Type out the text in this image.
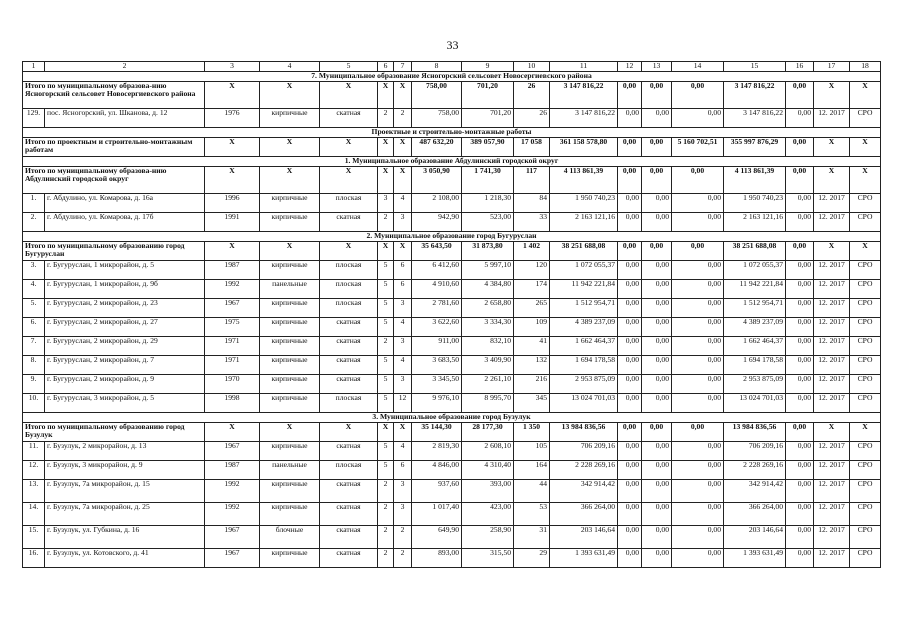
33
1	2	3	4	5	6	7	8	9	10	11	12	13	14	15	16	17	18
7. Муниципальное образование Ясногорский сельсовет Новосергиевского района																	
Итого по муниципальному образова-нию Ясногорский сельсовет Новосергиевского района		X	X	X	X	X	758,00	701,20	26	3 147 816,22	0,00	0,00	0,00	3 147 816,22	0,00	X	X
129.	пос. Ясногорский, ул. Шканова, д. 12	1976	кирпичные	скатная	2	2	758,00	701,20	26	3 147 816,22	0,00	0,00	0,00	3 147 816,22	0,00	12. 2017	СРО
Проектные и строительно-монтажные работы																	
Итого по проектным и строительно-монтажным работам		X	X	X	X	X	487 632,20	389 057,90	17 058	361 158 578,80	0,00	0,00	5 160 702,51	355 997 876,29	0,00	X	X
1. Муниципальное образование Абдулинский городской округ																	
Итого по муниципальному образова-нию Абдулинский городской округ		X	X	X	X	X	3 050,90	1 741,30	117	4 113 861,39	0,00	0,00	0,00	4 113 861,39	0,00	X	X
1.	г. Абдулино, ул. Комарова, д. 16а	1996	кирпичные	плоская	3	4	2 108,00	1 218,30	84	1 950 740,23	0,00	0,00	0,00	1 950 740,23	0,00	12. 2017	СРО
2.	г. Абдулино, ул. Комарова, д. 17б	1991	кирпичные	скатная	2	3	942,90	523,00	33	2 163 121,16	0,00	0,00	0,00	2 163 121,16	0,00	12. 2017	СРО
2. Муниципальное образование город Бугуруслан																	
Итого по муниципальному образованию город Бугуруслан		X	X	X	X	X	35 643,50	31 873,80	1 402	38 251 688,08	0,00	0,00	0,00	38 251 688,08	0,00	X	X
3.	г. Бугуруслан, 1 микрорайон, д. 5	1987	кирпичные	плоская	5	6	6 412,60	5 997,10	120	1 072 055,37	0,00	0,00	0,00	1 072 055,37	0,00	12. 2017	СРО
4.	г. Бугуруслан, 1 микрорайон, д. 9б	1992	панельные	плоская	5	6	4 910,60	4 384,80	174	11 942 221,84	0,00	0,00	0,00	11 942 221,84	0,00	12. 2017	СРО
5.	г. Бугуруслан, 2 микрорайон, д. 23	1967	кирпичные	плоская	5	3	2 781,60	2 658,80	265	1 512 954,71	0,00	0,00	0,00	1 512 954,71	0,00	12. 2017	СРО
6.	г. Бугуруслан, 2 микрорайон, д. 27	1975	кирпичные	скатная	5	4	3 622,60	3 334,30	109	4 389 237,09	0,00	0,00	0,00	4 389 237,09	0,00	12. 2017	СРО
7.	г. Бугуруслан, 2 микрорайон, д. 29	1971	кирпичные	скатная	2	3	911,00	832,10	41	1 662 464,37	0,00	0,00	0,00	1 662 464,37	0,00	12. 2017	СРО
8.	г. Бугуруслан, 2 микрорайон, д. 7	1971	кирпичные	скатная	5	4	3 683,50	3 409,90	132	1 694 178,58	0,00	0,00	0,00	1 694 178,58	0,00	12. 2017	СРО
9.	г. Бугуруслан, 2 микрорайон, д. 9	1970	кирпичные	скатная	5	3	3 345,50	2 261,10	216	2 953 875,09	0,00	0,00	0,00	2 953 875,09	0,00	12. 2017	СРО
10.	г. Бугуруслан, 3 микрорайон, д. 5	1998	кирпичные	плоская	5	12	9 976,10	8 995,70	345	13 024 701,03	0,00	0,00	0,00	13 024 701,03	0,00	12. 2017	СРО
3. Муниципальное образование город Бузулук																	
Итого по муниципальному образованию город Бузулук		X	X	X	X	X	35 144,30	28 177,30	1 350	13 984 836,56	0,00	0,00	0,00	13 984 836,56	0,00	X	X
11.	г. Бузулук, 2 микрорайон, д. 13	1967	кирпичные	скатная	5	4	2 819,30	2 608,10	105	706 209,16	0,00	0,00	0,00	706 209,16	0,00	12. 2017	СРО
12.	г. Бузулук, 3 микрорайон, д. 9	1987	панельные	плоская	5	6	4 846,00	4 310,40	164	2 228 269,16	0,00	0,00	0,00	2 228 269,16	0,00	12. 2017	СРО
13.	г. Бузулук, 7а микрорайон, д. 15	1992	кирпичные	скатная	2	3	937,60	393,00	44	342 914,42	0,00	0,00	0,00	342 914,42	0,00	12. 2017	СРО
14.	г. Бузулук, 7а микрорайон, д. 25	1992	кирпичные	скатная	2	3	1 017,40	423,00	53	366 264,00	0,00	0,00	0,00	366 264,00	0,00	12. 2017	СРО
15.	г. Бузулук, ул. Губкина, д. 16	1967	блочные	скатная	2	2	649,90	258,90	31	203 146,64	0,00	0,00	0,00	203 146,64	0,00	12. 2017	СРО
16.	г. Бузулук, ул. Котовского, д. 41	1967	кирпичные	скатная	2	2	893,00	315,50	29	1 393 631,49	0,00	0,00	0,00	1 393 631,49	0,00	12. 2017	СРО
